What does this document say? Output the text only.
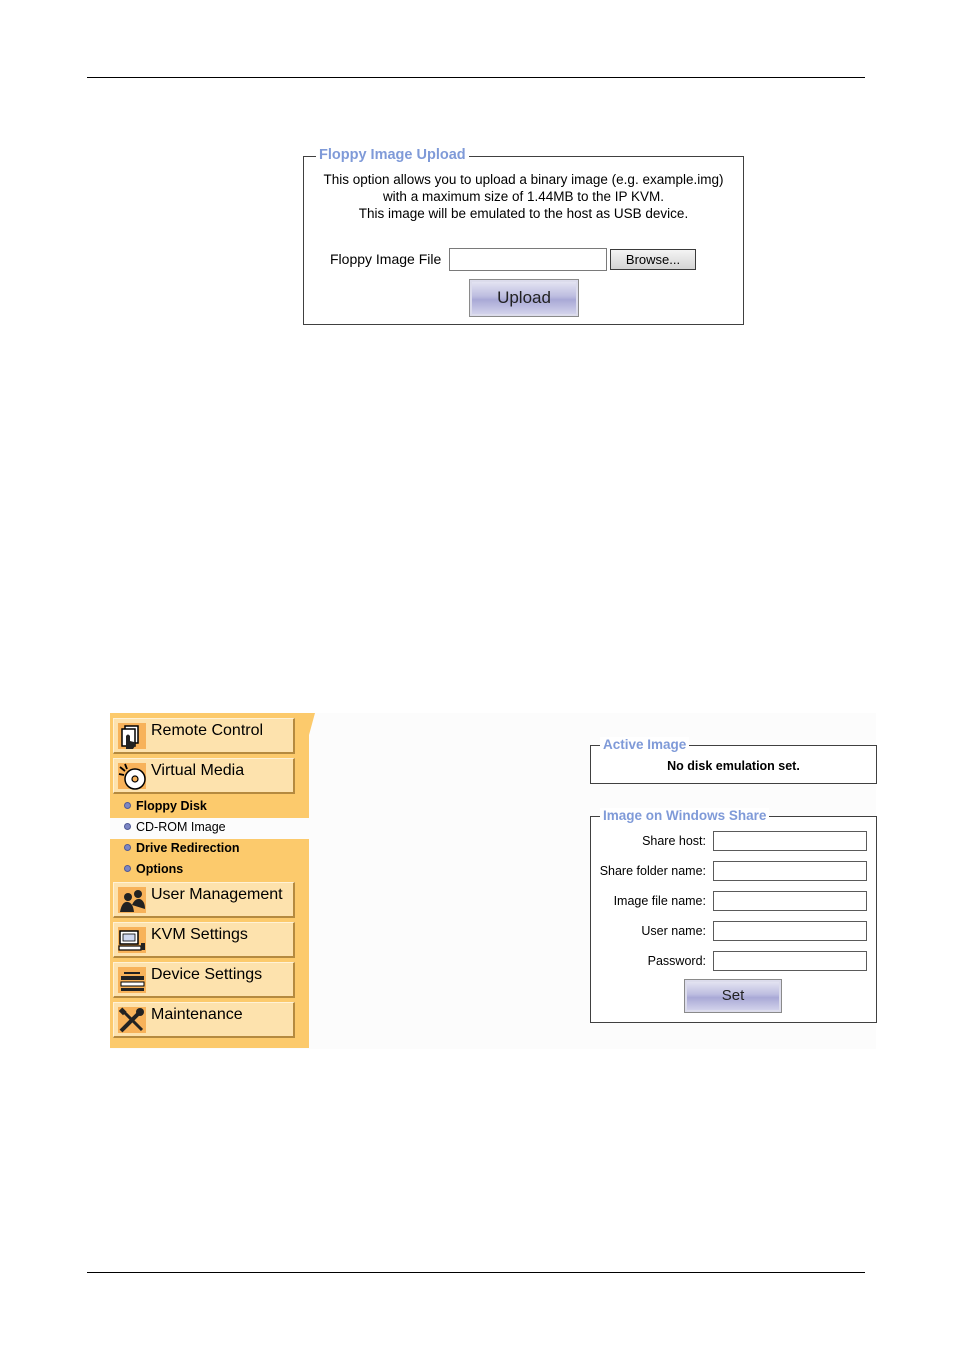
Floppy Image Upload
This option allows you to upload a binary image (e.g. example.img)
with a maximum size of 1.44MB to the IP KVM.
This image will be emulated to the host as USB device.
Floppy Image File	Browse...
Upload
Remote Control
Virtual Media
Floppy Disk
CD-ROM Image
Drive Redirection
Options
User Management
KVM Settings
Device Settings
Maintenance
Active Image
No disk emulation set.
Image on Windows Share
Share host:
Share folder name:
Image file name:
User name:
Password:
Set
